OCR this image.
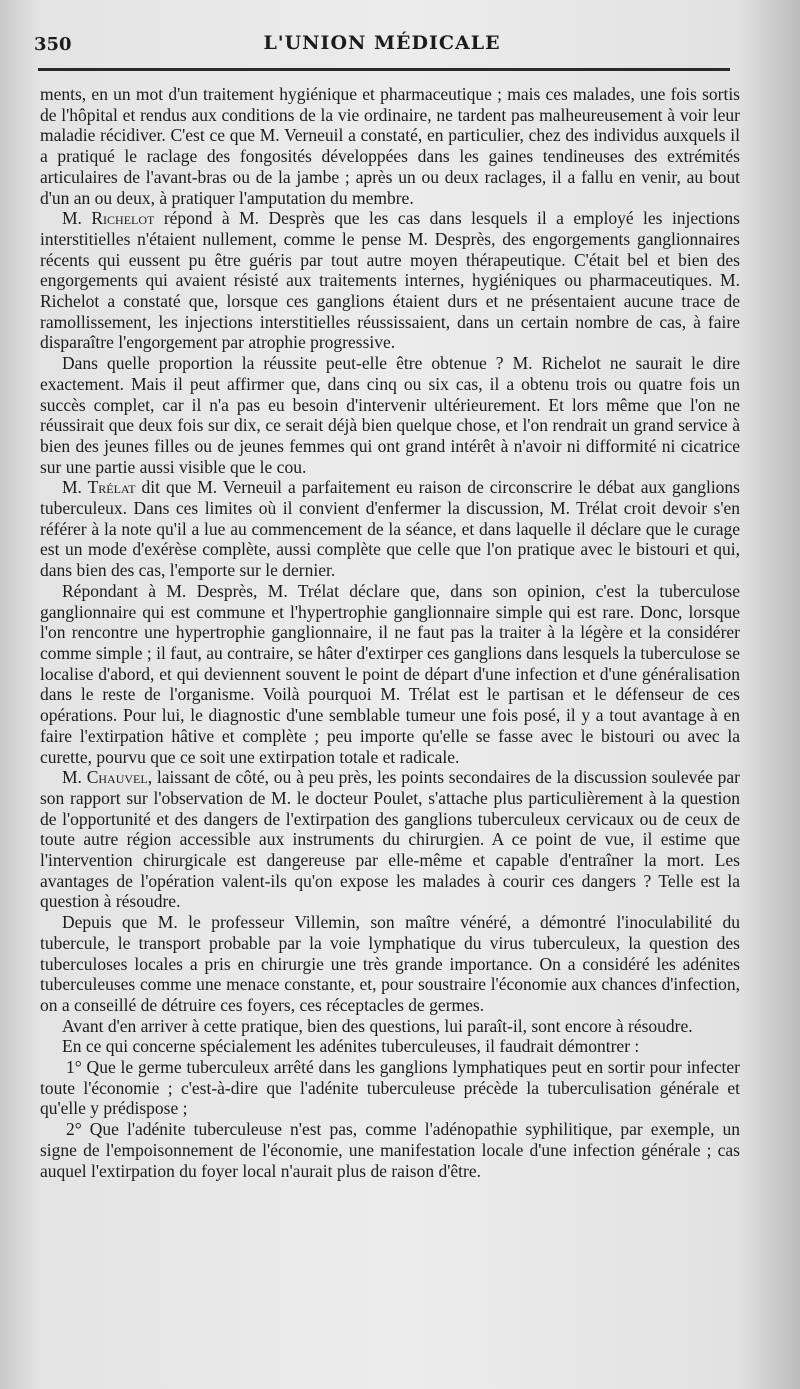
350	L'UNION MÉDICALE

ments, en un mot d'un traitement hygiénique et pharmaceutique ; mais ces malades, une fois sortis de l'hôpital et rendus aux conditions de la vie ordinaire, ne tardent pas malheureusement à voir leur maladie récidiver. C'est ce que M. Verneuil a constaté, en particulier, chez des individus auxquels il a pratiqué le raclage des fongosités développées dans les gaines tendineuses des extrémités articulaires de l'avant-bras ou de la jambe ; après un ou deux raclages, il a fallu en venir, au bout d'un an ou deux, à pratiquer l'amputation du membre.

M. Richelot répond à M. Desprès que les cas dans lesquels il a employé les injections interstitielles n'étaient nullement, comme le pense M. Desprès, des engorgements ganglionnaires récents qui eussent pu être guéris par tout autre moyen thérapeutique. C'était bel et bien des engorgements qui avaient résisté aux traitements internes, hygiéniques ou pharmaceutiques. M. Richelot a constaté que, lorsque ces ganglions étaient durs et ne présentaient aucune trace de ramollissement, les injections interstitielles réussissaient, dans un certain nombre de cas, à faire disparaître l'engorgement par atrophie progressive.

Dans quelle proportion la réussite peut-elle être obtenue ? M. Richelot ne saurait le dire exactement. Mais il peut affirmer que, dans cinq ou six cas, il a obtenu trois ou quatre fois un succès complet, car il n'a pas eu besoin d'intervenir ultérieurement. Et lors même que l'on ne réussirait que deux fois sur dix, ce serait déjà bien quelque chose, et l'on rendrait un grand service à bien des jeunes filles ou de jeunes femmes qui ont grand intérêt à n'avoir ni difformité ni cicatrice sur une partie aussi visible que le cou.

M. Trélat dit que M. Verneuil a parfaitement eu raison de circonscrire le débat aux ganglions tuberculeux. Dans ces limites où il convient d'enfermer la discussion, M. Trélat croit devoir s'en référer à la note qu'il a lue au commencement de la séance, et dans laquelle il déclare que le curage est un mode d'exérèse complète, aussi complète que celle que l'on pratique avec le bistouri et qui, dans bien des cas, l'emporte sur le dernier.

Répondant à M. Desprès, M. Trélat déclare que, dans son opinion, c'est la tuberculose ganglionnaire qui est commune et l'hypertrophie ganglionnaire simple qui est rare. Donc, lorsque l'on rencontre une hypertrophie ganglionnaire, il ne faut pas la traiter à la légère et la considérer comme simple ; il faut, au contraire, se hâter d'extirper ces ganglions dans lesquels la tuberculose se localise d'abord, et qui deviennent souvent le point de départ d'une infection et d'une généralisation dans le reste de l'organisme. Voilà pourquoi M. Trélat est le partisan et le défenseur de ces opérations. Pour lui, le diagnostic d'une semblable tumeur une fois posé, il y a tout avantage à en faire l'extirpation hâtive et complète ; peu importe qu'elle se fasse avec le bistouri ou avec la curette, pourvu que ce soit une extirpation totale et radicale.

M. Chauvel, laissant de côté, ou à peu près, les points secondaires de la discussion soulevée par son rapport sur l'observation de M. le docteur Poulet, s'attache plus particulièrement à la question de l'opportunité et des dangers de l'extirpation des ganglions tuberculeux cervicaux ou de ceux de toute autre région accessible aux instruments du chirurgien. A ce point de vue, il estime que l'intervention chirurgicale est dangereuse par elle-même et capable d'entraîner la mort. Les avantages de l'opération valent-ils qu'on expose les malades à courir ces dangers ? Telle est la question à résoudre.

Depuis que M. le professeur Villemin, son maître vénéré, a démontré l'inoculabilité du tubercule, le transport probable par la voie lymphatique du virus tuberculeux, la question des tuberculoses locales a pris en chirurgie une très grande importance. On a considéré les adénites tuberculeuses comme une menace constante, et, pour soustraire l'économie aux chances d'infection, on a conseillé de détruire ces foyers, ces réceptacles de germes.

Avant d'en arriver à cette pratique, bien des questions, lui paraît-il, sont encore à résoudre.

En ce qui concerne spécialement les adénites tuberculeuses, il faudrait démontrer :

1° Que le germe tuberculeux arrêté dans les ganglions lymphatiques peut en sortir pour infecter toute l'économie ; c'est-à-dire que l'adénite tuberculeuse précède la tuberculisation générale et qu'elle y prédispose ;

2° Que l'adénite tuberculeuse n'est pas, comme l'adénopathie syphilitique, par exemple, un signe de l'empoisonnement de l'économie, une manifestation locale d'une infection générale ; cas auquel l'extirpation du foyer local n'aurait plus de raison d'être.
